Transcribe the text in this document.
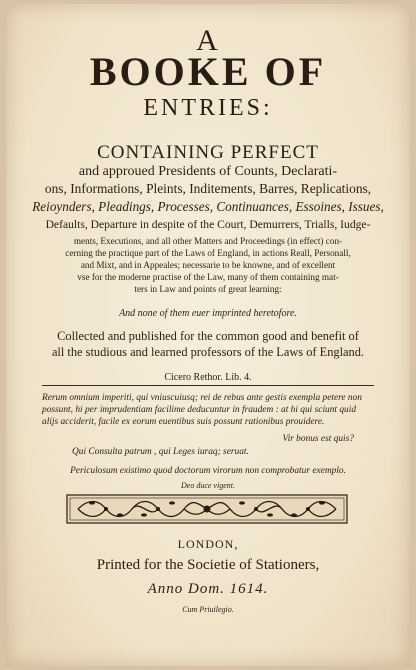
A
BOOKE OF
ENTRIES:
CONTAINING PERFECT
and approued Presidents of Counts, Declarati-
ons, Informations, Pleints, Inditements, Barres, Replications,
Reioynders, Pleadings, Processes, Continuances, Essoines, Issues,
Defaults, Departure in despite of the Court, Demurrers, Trialls, Iudge-
ments, Executions, and all other Matters and Proceedings (in effect) con-
cerning the practique part of the Laws of England, in actions Reall, Personall,
and Mixt, and in Appeales; necessarie to be knowne, and of excellent
vse for the moderne practise of the Law, many of them containing mat-
ters in Law and points of great learning:
And none of them euer imprinted heretofore.
Collected and published for the common good and benefit of
all the studious and learned professors of the Laws of England.
Cicero Rethor. Lib. 4.
Rerum omnium imperiti, qui vniuscuiusq; rei de rebus ante gestis exempla petere non
possunt, hi per imprudentiam facilime deducuntur in fraudem : at hi qui sciunt quid
alijs acciderit, facile ex eorum euentibus suis possunt rationibus prouidere.
Vir bonus est quis?
Qui Consulta patrum , qui Leges iuraq; seruat.
Periculosum existimo quod doctorum virorum non comprobatur exemplo.
Deo duce vigent.
LONDON,
Printed for the Societie of Stationers,
Anno Dom. 1614.
Cum Priuilegio.
